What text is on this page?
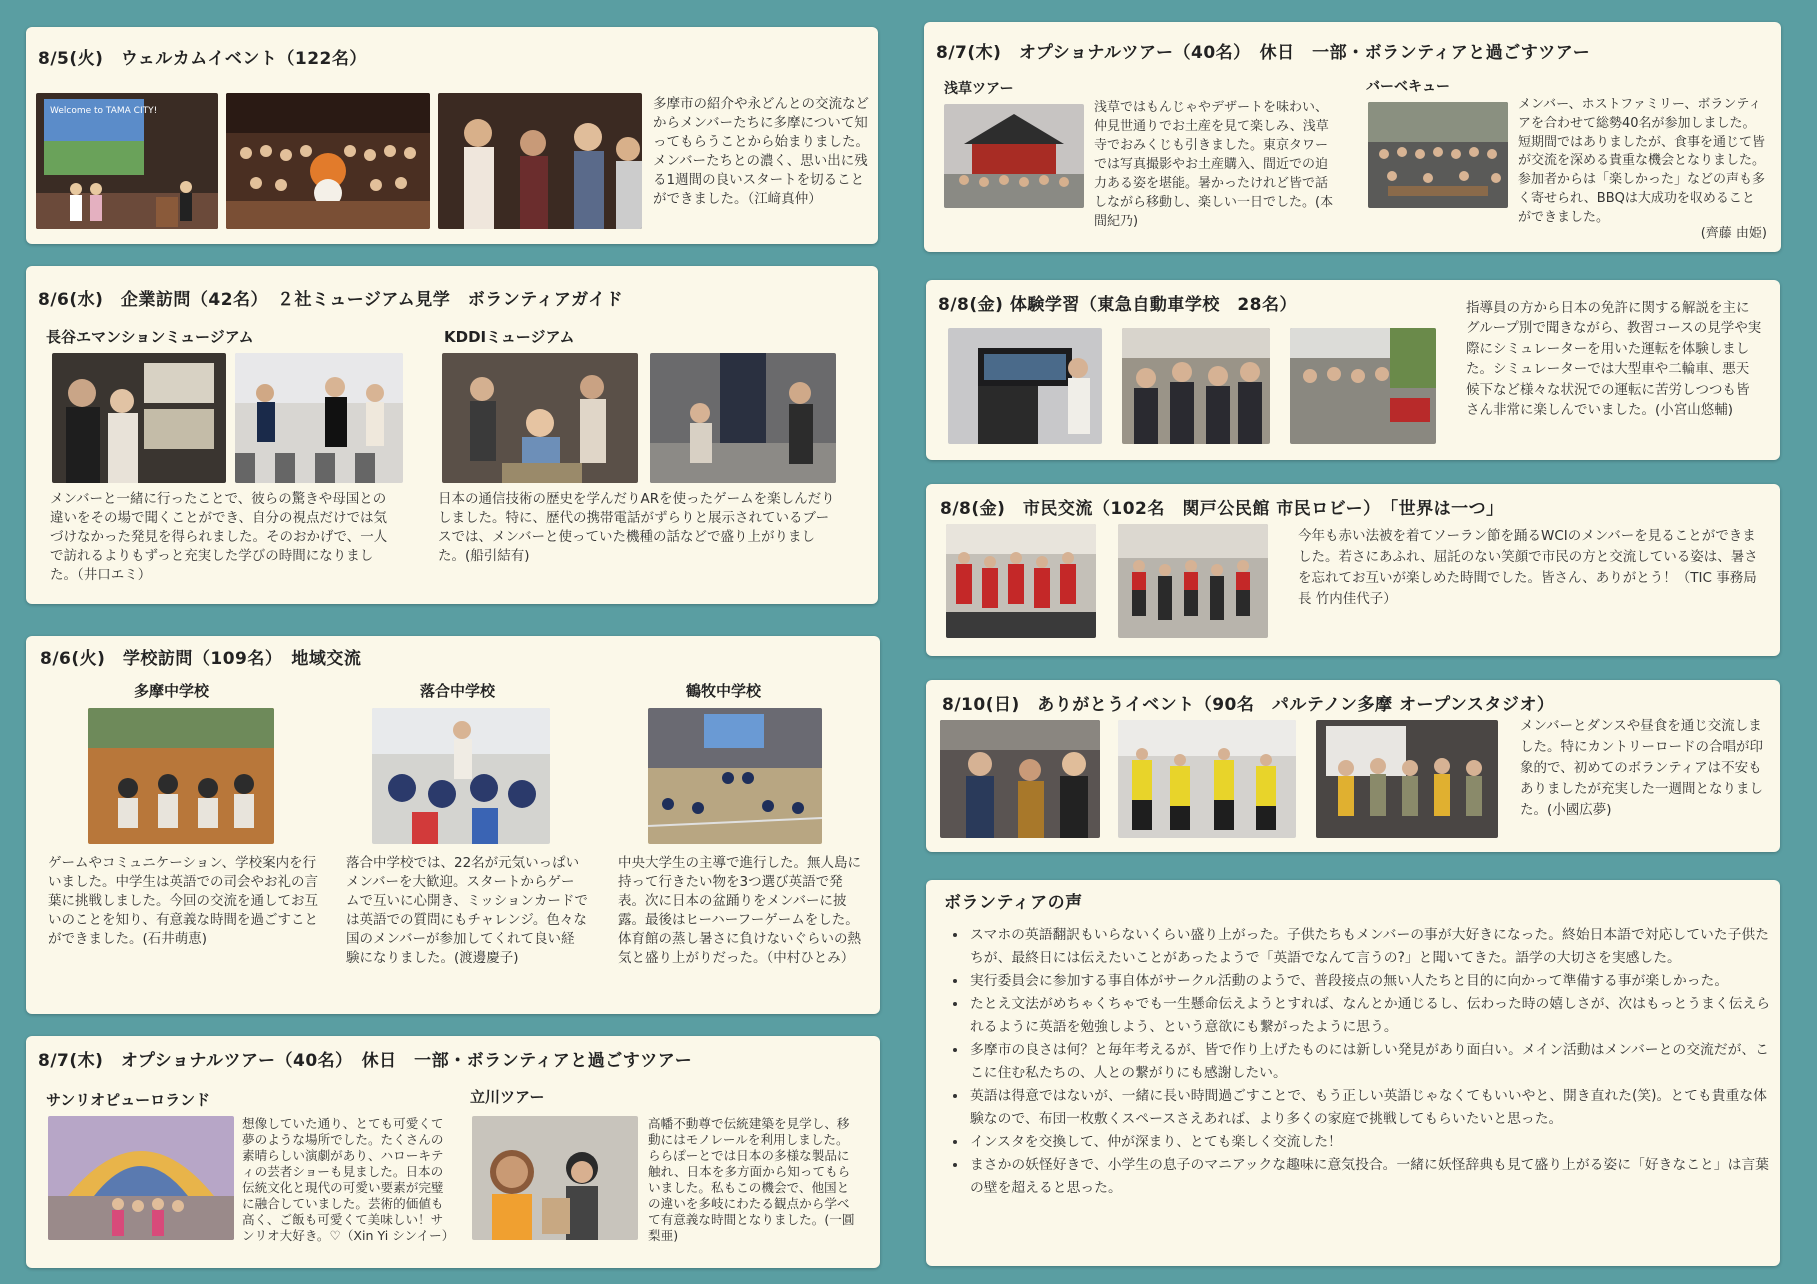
8/5(火)　ウェルカムイベント（122名）
Welcome to TAMA CITY!	多摩市の紹介や永どんとの交流などからメンバーたちに多摩について知ってもらうことから始まりました。メンバーたちとの濃く、思い出に残る1週間の良いスタートを切ることができました。（江﨑真仲）
8/6(水)　企業訪問（42名）　２社ミュージアム見学　ボランティアガイド
長谷エマンションミュージアム	KDDIミュージアム
メンバーと一緒に行ったことで、彼らの驚きや母国との違いをその場で聞くことができ、自分の視点だけでは気づけなかった発見を得られました。そのおかげで、一人で訪れるよりもずっと充実した学びの時間になりました。（井口エミ）
日本の通信技術の歴史を学んだりARを使ったゲームを楽しんだりしました。特に、歴代の携帯電話がずらりと展示されているブースでは、メンバーと使っていた機種の話などで盛り上がりました。(船引結有)
8/6(火)　学校訪問（109名）　地域交流
多摩中学校	落合中学校	鶴牧中学校
ゲームやコミュニケーション、学校案内を行いました。中学生は英語での司会やお礼の言葉に挑戦しました。今回の交流を通してお互いのことを知り、有意義な時間を過ごすことができました。(石井萌恵)
落合中学校では、22名が元気いっぱいメンバーを大歓迎。スタートからゲームで互いに心開き、ミッションカードでは英語での質問にもチャレンジ。色々な国のメンバーが参加してくれて良い経験になりました。(渡邊慶子)
中央大学生の主導で進行した。無人島に持って行きたい物を3つ選び英語で発表。次に日本の盆踊りをメンバーに披露。最後はヒーハーフーゲームをした。体育館の蒸し暑さに負けないぐらいの熱気と盛り上がりだった。（中村ひとみ）
8/7(木)　オプショナルツアー（40名）　休日　一部・ボランティアと過ごすツアー
サンリオピューロランド	立川ツアー
想像していた通り、とても可愛くて夢のような場所でした。たくさんの素晴らしい演劇があり、ハローキティの芸者ショーも見ました。日本の伝統文化と現代の可愛い要素が完璧に融合していました。芸術的価値も高く、ご飯も可愛くて美味しい！サンリオ大好き。♡（Xin Yi シンイー）
高幡不動尊で伝統建築を見学し、移動にはモノレールを利用しました。ららぽーとでは日本の多様な製品に触れ、日本を多方面から知ってもらいました。私もこの機会で、他国との違いを多岐にわたる観点から学べて有意義な時間となりました。(一圓 梨亜)
8/7(木)　オプショナルツアー（40名）　休日　一部・ボランティアと過ごすツアー
浅草ツアー	バーベキュー
浅草ではもんじゃやデザートを味わい、仲見世通りでお土産を見て楽しみ、浅草寺でおみくじも引きました。東京タワーでは写真撮影やお土産購入、間近での迫力ある姿を堪能。暑かったけれど皆で話しながら移動し、楽しい一日でした。(本間紀乃)
メンバー、ホストファミリー、ボランティアを合わせて総勢40名が参加しました。短期間ではありましたが、食事を通じて皆が交流を深める貴重な機会となりました。参加者からは「楽しかった」などの声も多く寄せられ、BBQは大成功を収めることができました。
(齊藤 由姫)
8/8(金) 体験学習（東急自動車学校　28名）	指導員の方から日本の免許に関する解説を主にグループ別で聞きながら、教習コースの見学や実際にシミュレーターを用いた運転を体験しました。シミュレーターでは大型車や二輪車、悪天候下など様々な状況での運転に苦労しつつも皆さん非常に楽しんでいました。(小宮山悠輔)
8/8(金)　市民交流（102名　関戸公民館 市民ロビー）　「世界は一つ」
今年も赤い法被を着てソーラン節を踊るWCIのメンバーを見ることができました。若さにあふれ、屈託のない笑顔で市民の方と交流している姿は、暑さを忘れてお互いが楽しめた時間でした。皆さん、ありがとう！（TIC 事務局長 竹内佳代子）
8/10(日)　ありがとうイベント（90名　パルテノン多摩 オープンスタジオ）
メンバーとダンスや昼食を通じ交流しました。特にカントリーロードの合唱が印象的で、初めてのボランティアは不安もありましたが充実した一週間となりました。(小國広夢)
ボランティアの声
• スマホの英語翻訳もいらないくらい盛り上がった。子供たちもメンバーの事が大好きになった。終始日本語で対応していた子供たちが、最終日には伝えたいことがあったようで「英語でなんて言うの?」と聞いてきた。語学の大切さを実感した。
• 実行委員会に参加する事自体がサークル活動のようで、普段接点の無い人たちと目的に向かって準備する事が楽しかった。
• たとえ文法がめちゃくちゃでも一生懸命伝えようとすれば、なんとか通じるし、伝わった時の嬉しさが、次はもっとうまく伝えられるように英語を勉強しよう、という意欲にも繋がったように思う。
• 多摩市の良さは何？と毎年考えるが、皆で作り上げたものには新しい発見があり面白い。メイン活動はメンバーとの交流だが、ここに住む私たちの、人との繋がりにも感謝したい。
• 英語は得意ではないが、一緒に長い時間過ごすことで、もう正しい英語じゃなくてもいいやと、開き直れた(笑)。とても貴重な体験なので、布団一枚敷くスペースさえあれば、より多くの家庭で挑戦してもらいたいと思った。
• インスタを交換して、仲が深まり、とても楽しく交流した！
• まさかの妖怪好きで、小学生の息子のマニアックな趣味に意気投合。一緒に妖怪辞典も見て盛り上がる姿に「好きなこと」は言葉の壁を超えると思った。
